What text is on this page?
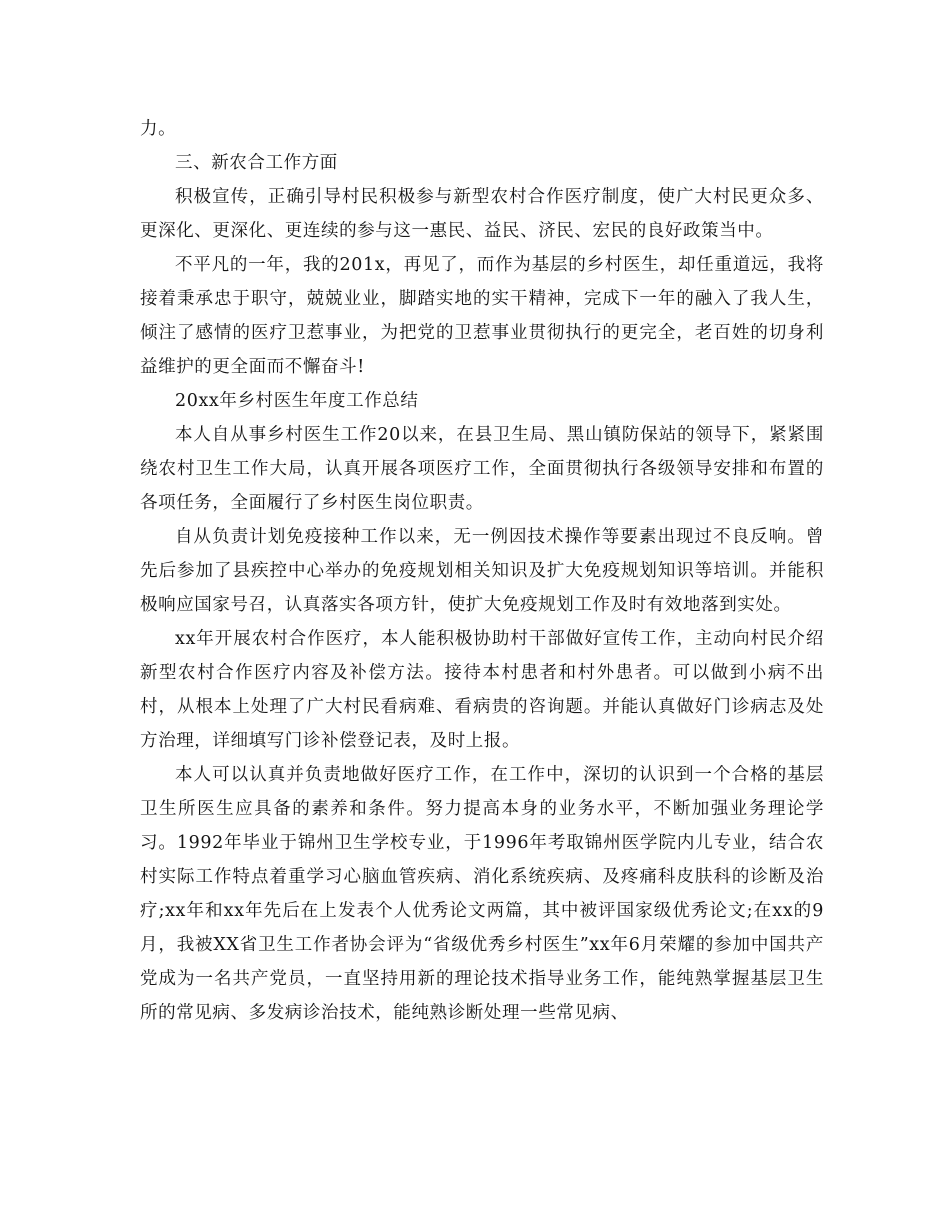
力。

三、新农合工作方面

积极宣传，正确引导村民积极参与新型农村合作医疗制度，使广大村民更众多、更深化、更深化、更连续的参与这一惠民、益民、济民、宏民的良好政策当中。

不平凡的一年，我的201x，再见了，而作为基层的乡村医生，却任重道远，我将接着秉承忠于职守，兢兢业业，脚踏实地的实干精神，完成下一年的融入了我人生，倾注了感情的医疗卫惹事业，为把党的卫惹事业贯彻执行的更完全，老百姓的切身利益维护的更全面而不懈奋斗!

20xx年乡村医生年度工作总结

本人自从事乡村医生工作20以来，在县卫生局、黑山镇防保站的领导下，紧紧围绕农村卫生工作大局，认真开展各项医疗工作，全面贯彻执行各级领导安排和布置的各项任务，全面履行了乡村医生岗位职责。

自从负责计划免疫接种工作以来，无一例因技术操作等要素出现过不良反响。曾先后参加了县疾控中心举办的免疫规划相关知识及扩大免疫规划知识等培训。并能积极响应国家号召，认真落实各项方针，使扩大免疫规划工作及时有效地落到实处。

xx年开展农村合作医疗，本人能积极协助村干部做好宣传工作，主动向村民介绍新型农村合作医疗内容及补偿方法。接待本村患者和村外患者。可以做到小病不出村，从根本上处理了广大村民看病难、看病贵的咨询题。并能认真做好门诊病志及处方治理，详细填写门诊补偿登记表，及时上报。

本人可以认真并负责地做好医疗工作，在工作中，深切的认识到一个合格的基层卫生所医生应具备的素养和条件。努力提高本身的业务水平，不断加强业务理论学习。1992年毕业于锦州卫生学校专业，于1996年考取锦州医学院内儿专业，结合农村实际工作特点着重学习心脑血管疾病、消化系统疾病、及疼痛科皮肤科的诊断及治疗;xx年和xx年先后在上发表个人优秀论文两篇，其中被评国家级优秀论文;在xx的9月，我被XX省卫生工作者协会评为“省级优秀乡村医生”xx年6月荣耀的参加中国共产党成为一名共产党员，一直坚持用新的理论技术指导业务工作，能纯熟掌握基层卫生所的常见病、多发病诊治技术，能纯熟诊断处理一些常见病、
